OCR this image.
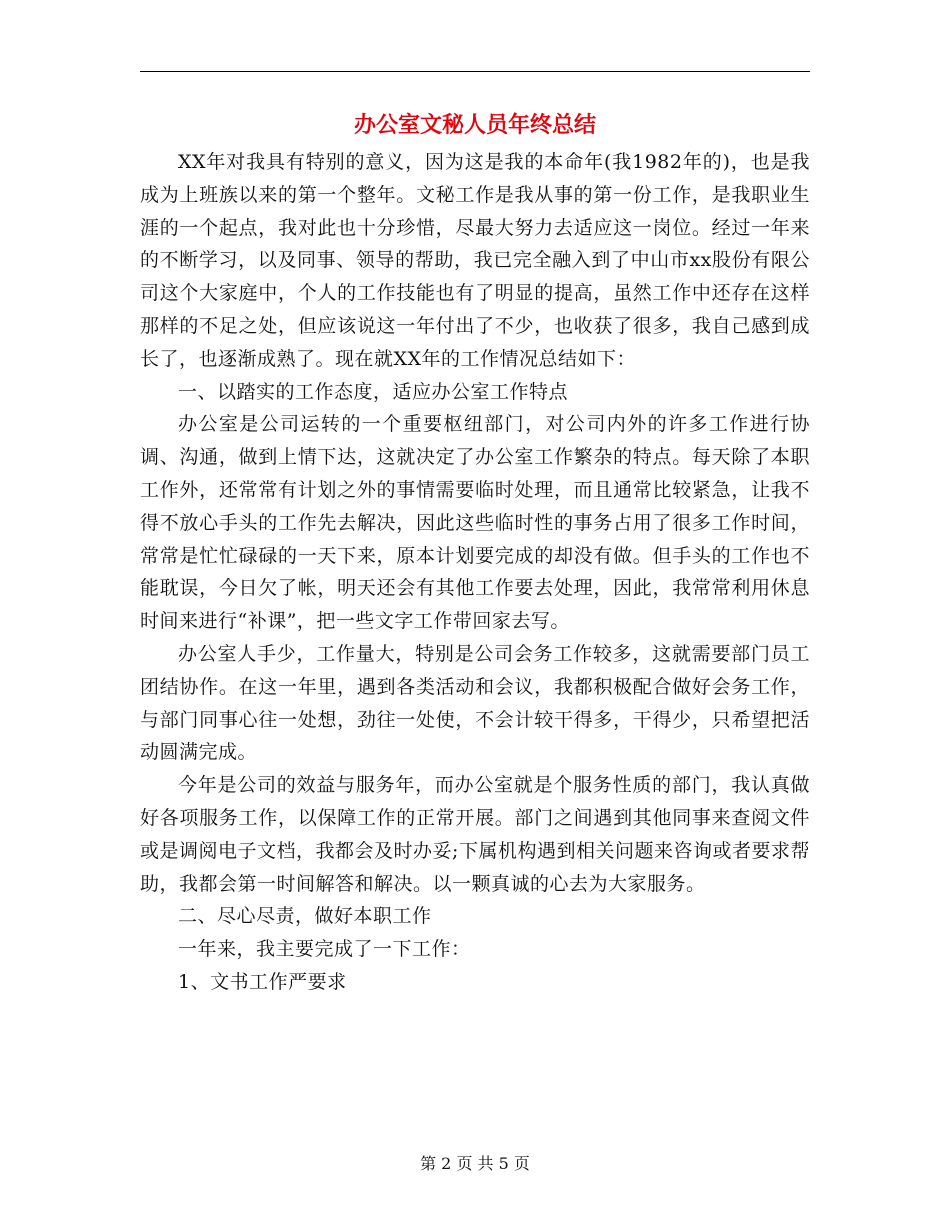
办公室文秘人员年终总结

XX年对我具有特别的意义，因为这是我的本命年(我1982年的)，也是我成为上班族以来的第一个整年。文秘工作是我从事的第一份工作，是我职业生涯的一个起点，我对此也十分珍惜，尽最大努力去适应这一岗位。经过一年来的不断学习，以及同事、领导的帮助，我已完全融入到了中山市xx股份有限公司这个大家庭中，个人的工作技能也有了明显的提高，虽然工作中还存在这样那样的不足之处，但应该说这一年付出了不少，也收获了很多，我自己感到成长了，也逐渐成熟了。现在就XX年的工作情况总结如下：

一、以踏实的工作态度，适应办公室工作特点

办公室是公司运转的一个重要枢纽部门，对公司内外的许多工作进行协调、沟通，做到上情下达，这就决定了办公室工作繁杂的特点。每天除了本职工作外，还常常有计划之外的事情需要临时处理，而且通常比较紧急，让我不得不放心手头的工作先去解决，因此这些临时性的事务占用了很多工作时间，常常是忙忙碌碌的一天下来，原本计划要完成的却没有做。但手头的工作也不能耽误，今日欠了帐，明天还会有其他工作要去处理，因此，我常常利用休息时间来进行“补课”，把一些文字工作带回家去写。

办公室人手少，工作量大，特别是公司会务工作较多，这就需要部门员工团结协作。在这一年里，遇到各类活动和会议，我都积极配合做好会务工作，与部门同事心往一处想，劲往一处使，不会计较干得多，干得少，只希望把活动圆满完成。

今年是公司的效益与服务年，而办公室就是个服务性质的部门，我认真做好各项服务工作，以保障工作的正常开展。部门之间遇到其他同事来查阅文件或是调阅电子文档，我都会及时办妥;下属机构遇到相关问题来咨询或者要求帮助，我都会第一时间解答和解决。以一颗真诚的心去为大家服务。

二、尽心尽责，做好本职工作

一年来，我主要完成了一下工作：

1、文书工作严要求

第 2 页 共 5 页
